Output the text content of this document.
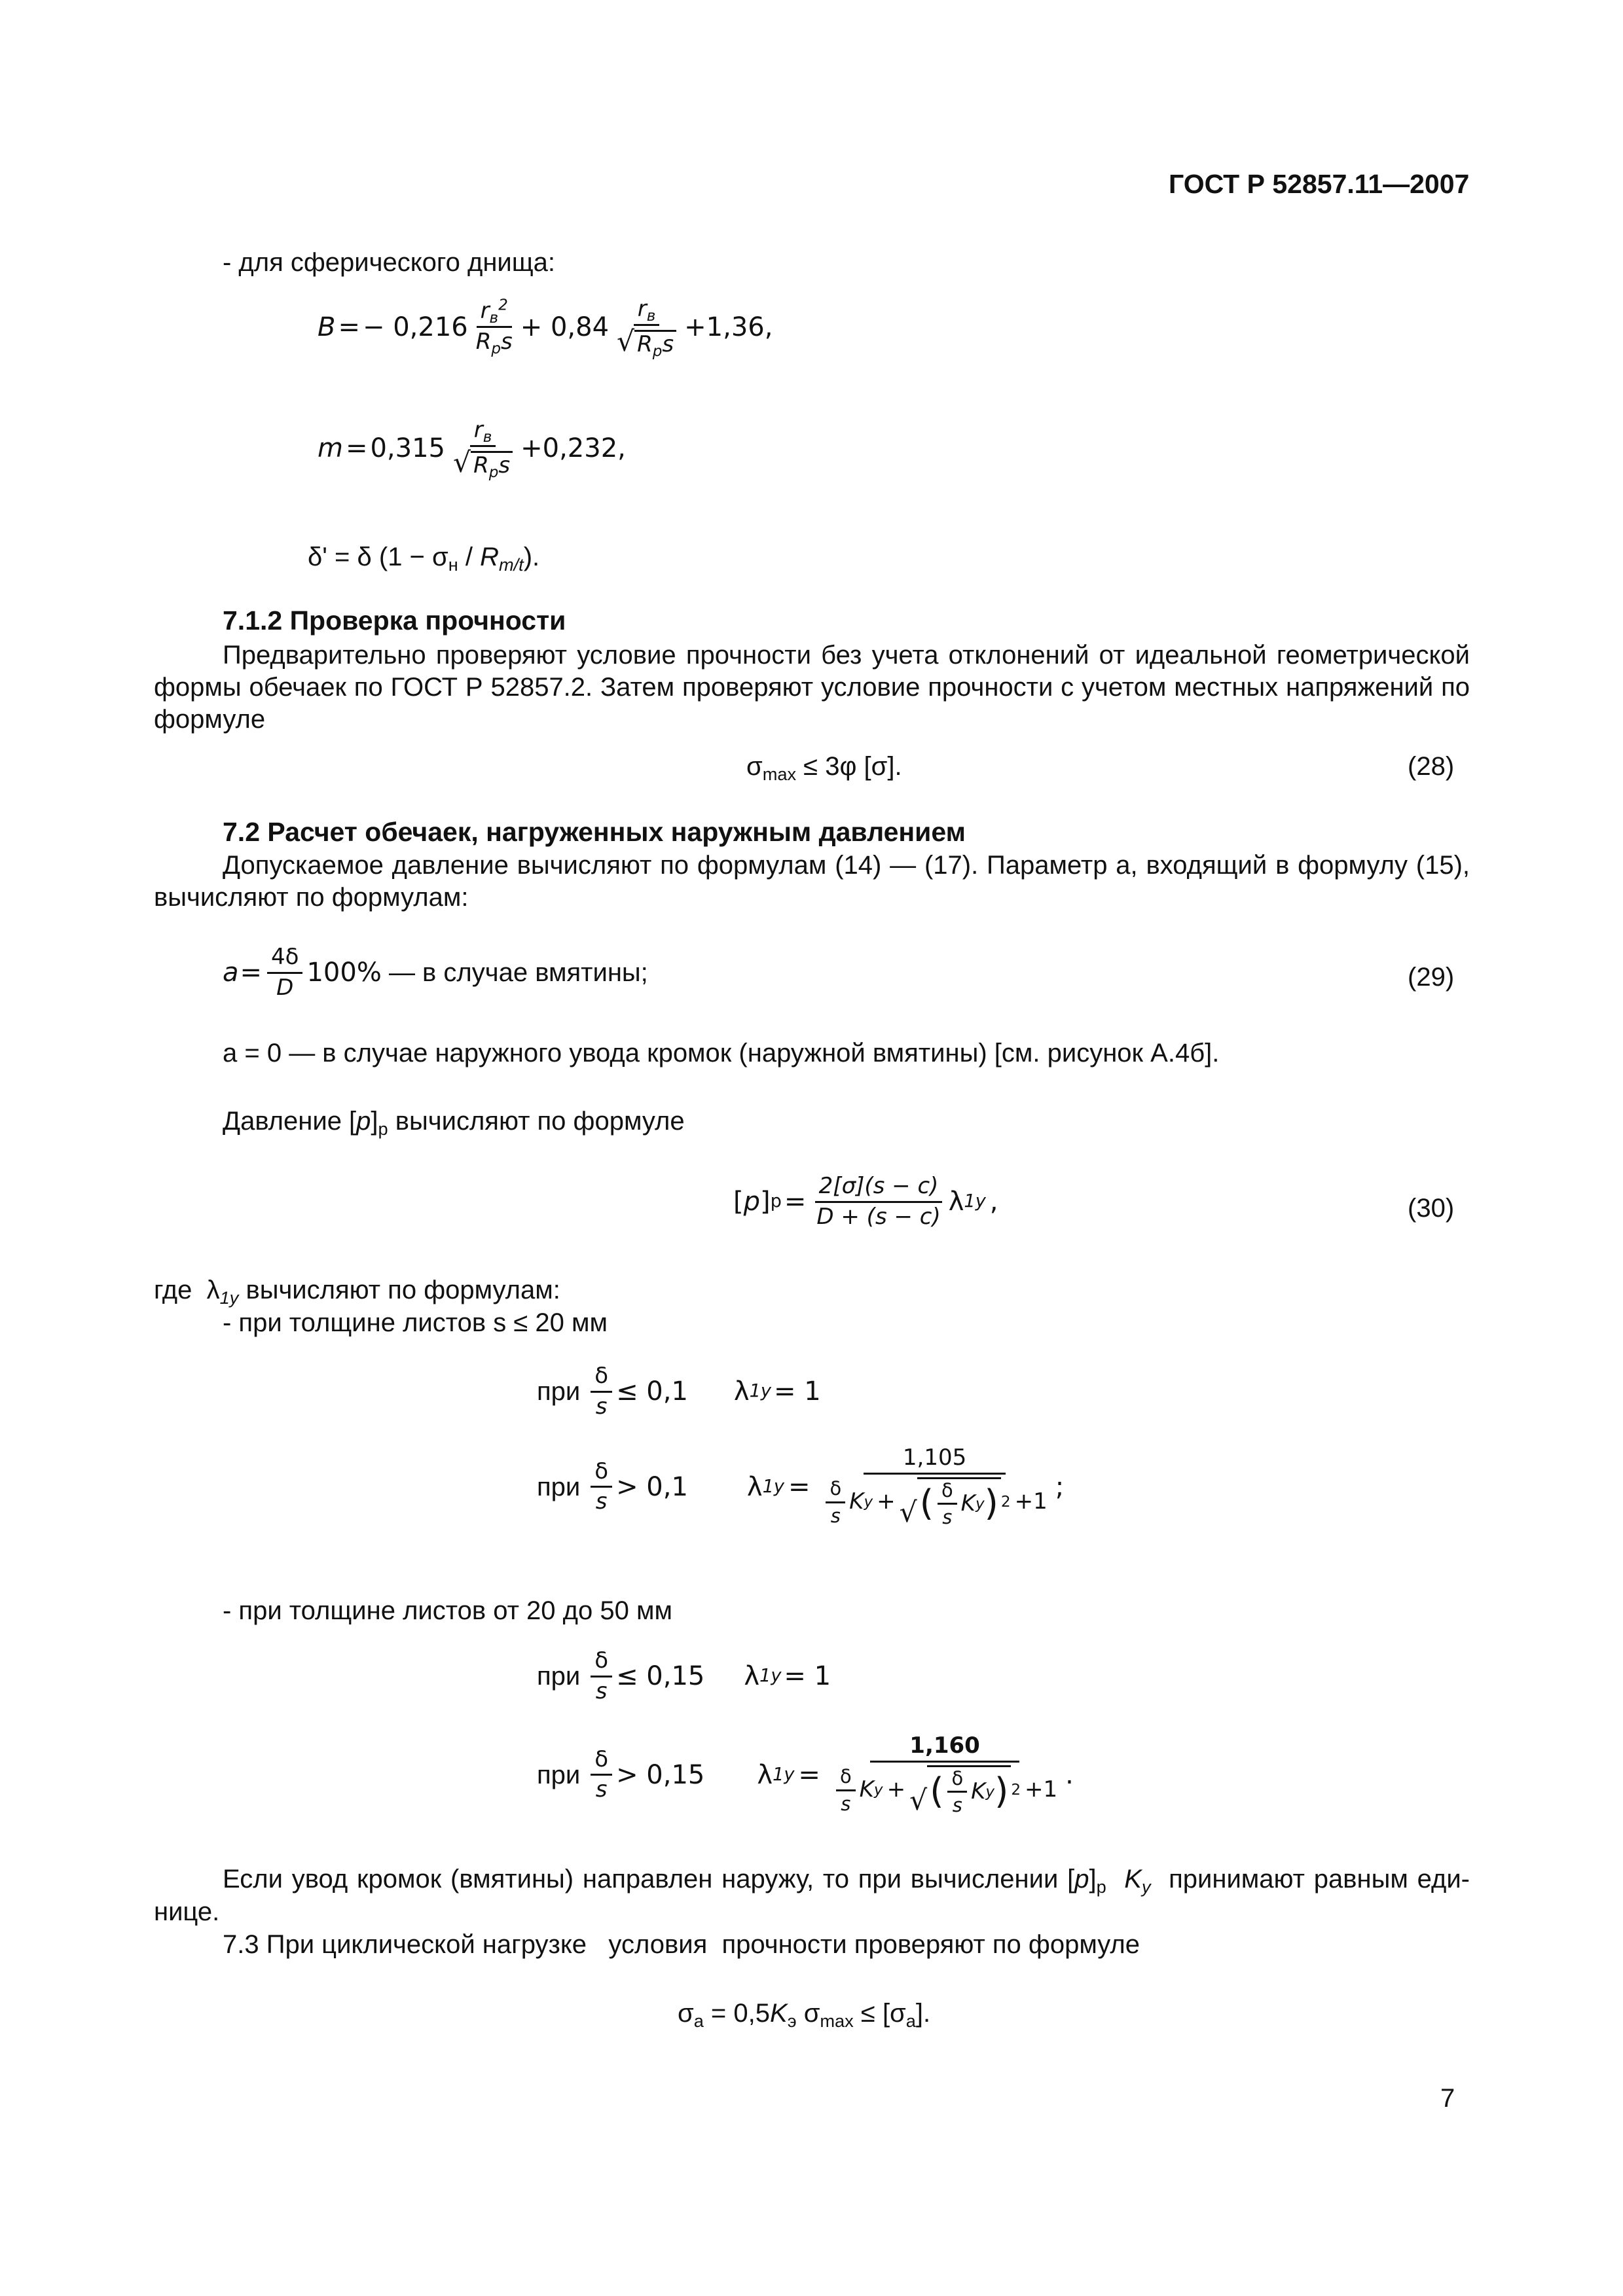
ГОСТ Р 52857.11—2007
- для сферического днища:
B = − $0,216 \frac{r_в^2}{R_ps} + 0,84 \frac{r_в}{√ R_ps} +1,36$,
$m = 0,315 \frac{r_в}{√ R_ps} +0,232$,
δ' = δ $(1 - \sigma_н / R_{m/t})$.
7.1.2 Проверка прочности
Предварительно проверяют условие прочности без учета отклонений от идеальной геометрической
формы обечаек по ГОСТ Р 52857.2. Затем проверяют условие прочности с учетом местных напряжений по
формуле
$\sigma_{max} \le 3\varphi$ [σ].	(28)
7.2 Расчет обечаек, нагруженных наружным давлением
Допускаемое давление вычисляют по формулам (14) — (17). Параметр а, входящий в формулу (15),
вычисляют по формулам:
$a = \frac{4\delta}{D} 100\%$ — в случае вмятины;	(29)
а = 0 — в случае наружного увода кромок (наружной вмятины) [см. рисунок А.4б].
Давление $[p]_р$ вычисляют по формуле
[ p ] $p = \frac{2[\sigma](s - c)}{D + (s - c)}$ λ 1y ,	(30)
где  $\lambda_{1y}$ вычисляют по формулам:
- при толщине листов s ≤ 20 мм
при $\frac{\delta}{s} \le 0,1$ λ 1y = 1
при $\frac{\delta}{s} > 0,1$ λ 1y =
1,105
$\frac{\delta}{s}$ K y + √ ( $\frac{\delta}{s}$ K y ) 2 +1 ;
- при толщине листов от 20 до 50 мм
при $\frac{\delta}{s} \le 0,15$ λ 1y = 1
при $\frac{\delta}{s} > 0,15$ λ 1y =
1,160
$\frac{\delta}{s}$ K y + √ ( $\frac{\delta}{s}$ K y ) 2 +1 .
Если увод кромок (вмятины) направлен наружу, то при вычислении $[p]_р$ $K_y$  принимают равным еди-
нице.
7.3 При циклической нагрузке   условия  прочности проверяют по формуле
$\sigma_a = 0,5K_э$ $\sigma_{max} \le [\sigma_a]$.
7
